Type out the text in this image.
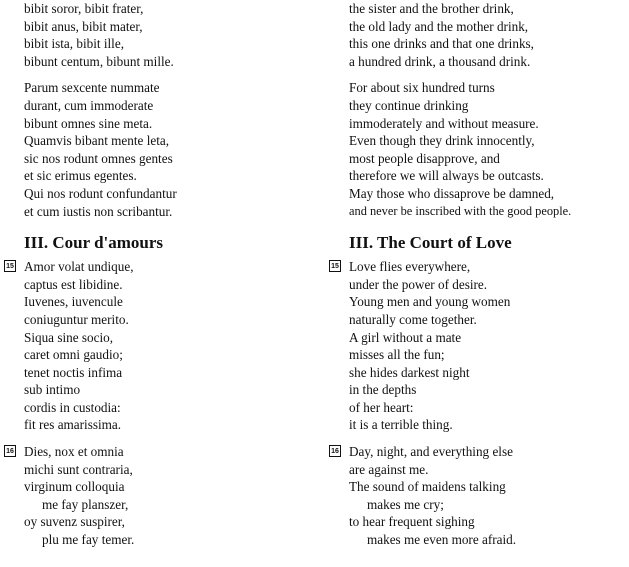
bibit soror, bibit frater,
bibit anus, bibit mater,
bibit ista, bibit ille,
bibunt centum, bibunt mille.
Parum sexcente nummate
durant, cum immoderate
bibunt omnes sine meta.
Quamvis bibant mente leta,
sic nos rodunt omnes gentes
et sic erimus egentes.
Qui nos rodunt confundantur
et cum iustis non scribantur.
III. Cour d'amours
15 Amor volat undique,
captus est libidine.
Iuvenes, iuvencule
coniuguntur merito.
Siqua sine socio,
caret omni gaudio;
tenet noctis infima
sub intimo
cordis in custodia:
fit res amarissima.
16 Dies, nox et omnia
michi sunt contraria,
virginum colloquia
me fay planszer,
oy suvenz suspirer,
plu me fay temer.
the sister and the brother drink,
the old lady and the mother drink,
this one drinks and that one drinks,
a hundred drink, a thousand drink.
For about six hundred turns
they continue drinking
immoderately and without measure.
Even though they drink innocently,
most people disapprove, and
therefore we will always be outcasts.
May those who dissaprove be damned,
and never be inscribed with the good people.
III. The Court of Love
15 Love flies everywhere,
under the power of desire.
Young men and young women
naturally come together.
A girl without a mate
misses all the fun;
she hides darkest night
in the depths
of her heart:
it is a terrible thing.
16 Day, night, and everything else
are against me.
The sound of maidens talking
makes me cry;
to hear frequent sighing
makes me even more afraid.
